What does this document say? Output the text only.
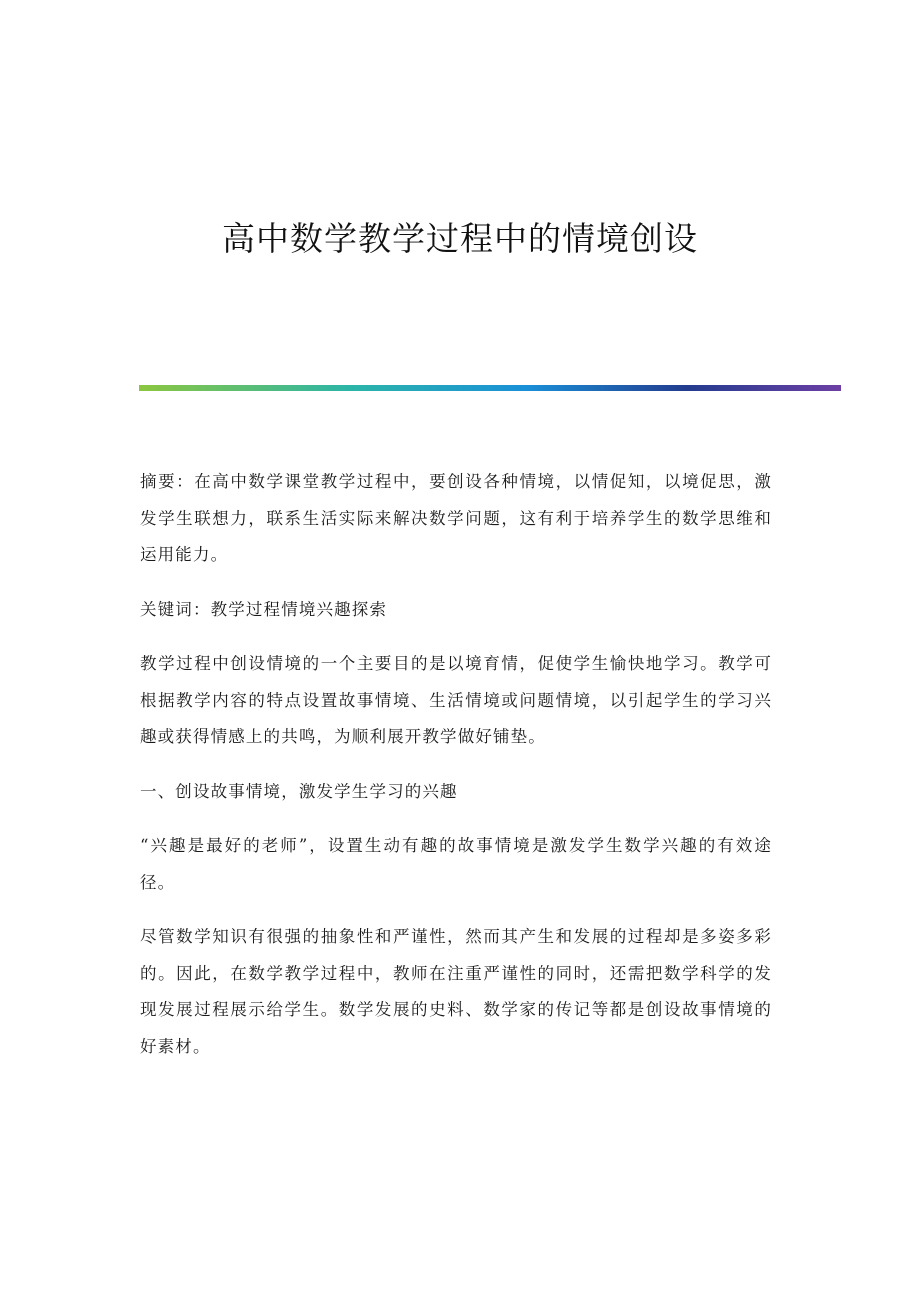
高中数学教学过程中的情境创设

摘要：在高中数学课堂教学过程中，要创设各种情境，以情促知，以境促思，激发学生联想力，联系生活实际来解决数学问题，这有利于培养学生的数学思维和运用能力。

关键词：教学过程情境兴趣探索

教学过程中创设情境的一个主要目的是以境育情，促使学生愉快地学习。教学可根据教学内容的特点设置故事情境、生活情境或问题情境，以引起学生的学习兴趣或获得情感上的共鸣，为顺利展开教学做好铺垫。

一、创设故事情境，激发学生学习的兴趣

“兴趣是最好的老师”，设置生动有趣的故事情境是激发学生数学兴趣的有效途径。

尽管数学知识有很强的抽象性和严谨性，然而其产生和发展的过程却是多姿多彩的。因此，在数学教学过程中，教师在注重严谨性的同时，还需把数学科学的发现发展过程展示给学生。数学发展的史料、数学家的传记等都是创设故事情境的好素材。
